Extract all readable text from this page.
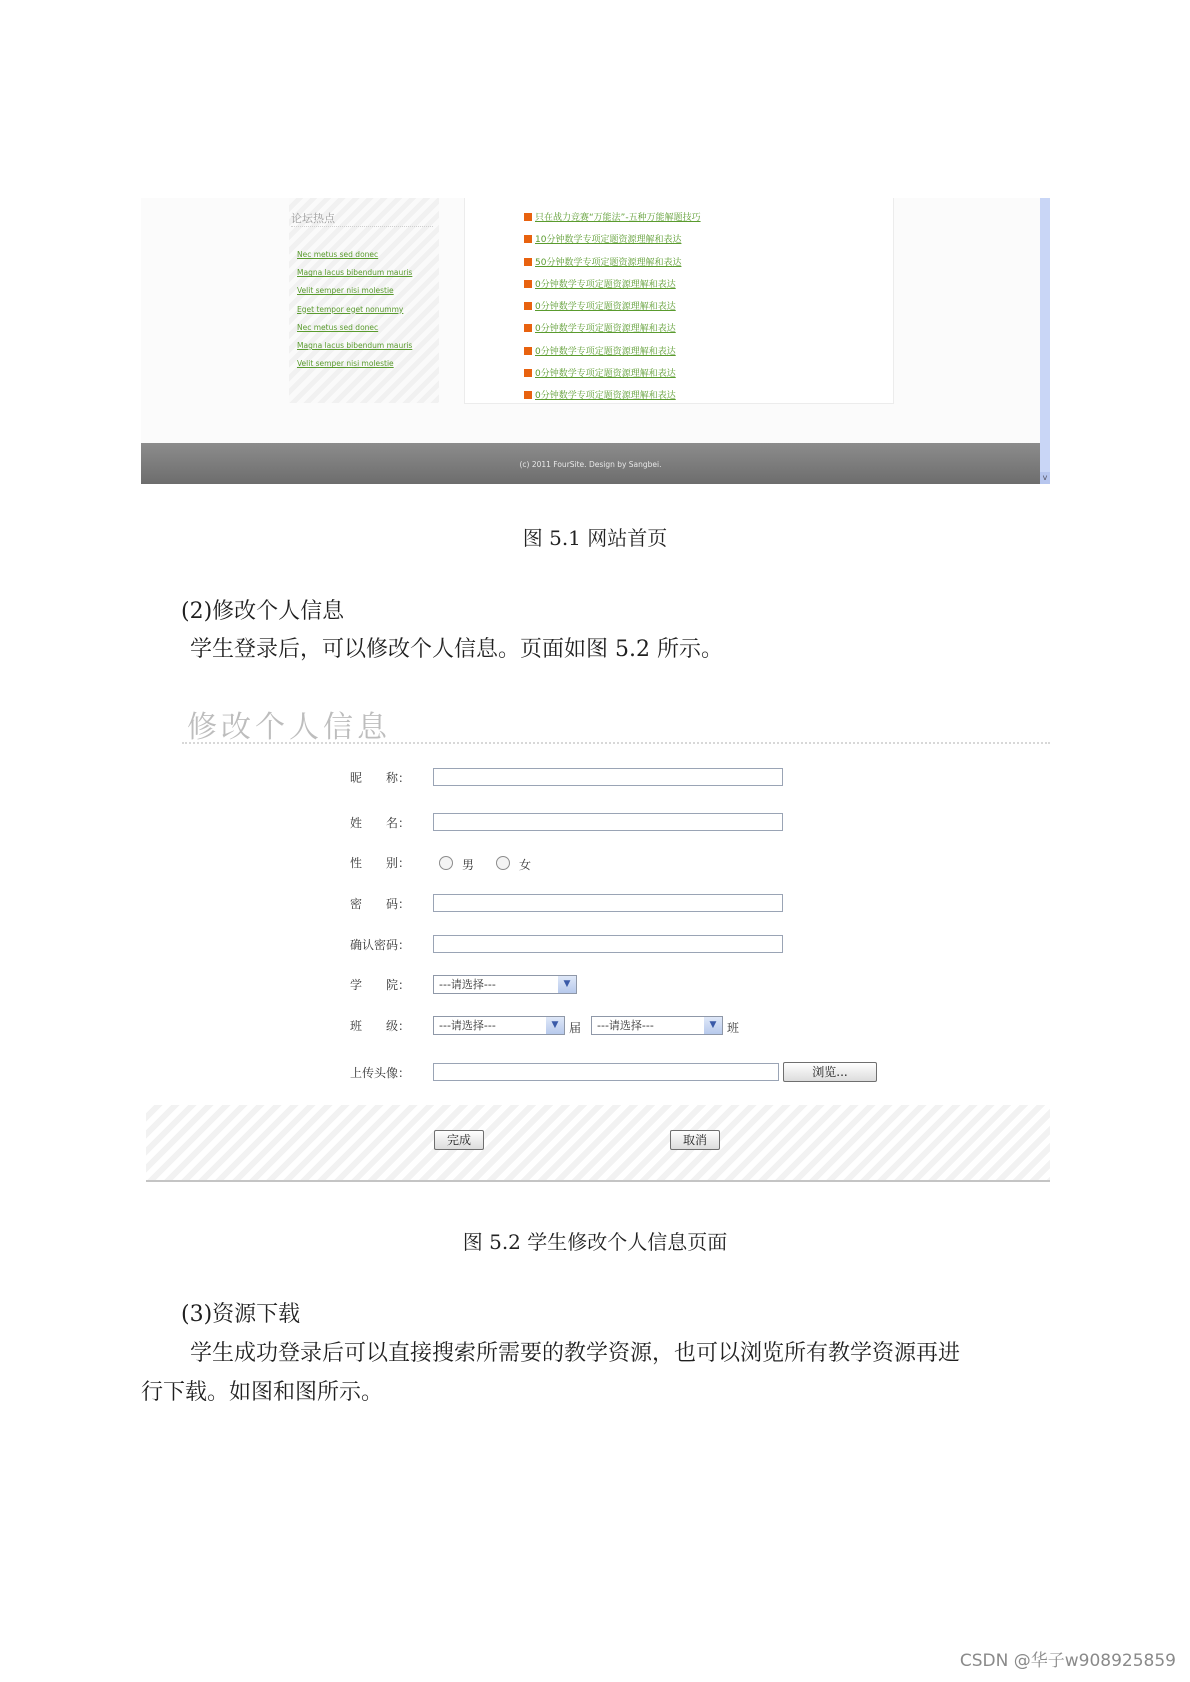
论坛热点
Nec metus sed donec
Magna lacus bibendum mauris
Velit semper nisi molestie
Eget tempor eget nonummy
Nec metus sed donec
Magna lacus bibendum mauris
Velit semper nisi molestie
只在战力竞赛“万能法”-五种万能解题技巧
10分钟数学专项定题资源理解和表达
50分钟数学专项定题资源理解和表达
0分钟数学专项定题资源理解和表达
0分钟数学专项定题资源理解和表达
0分钟数学专项定题资源理解和表达
0分钟数学专项定题资源理解和表达
0分钟数学专项定题资源理解和表达
0分钟数学专项定题资源理解和表达
(c) 2011 FourSite. Design by Sangbei.
v
图 5.1 网站首页
(2)修改个人信息
学生登录后，可以修改个人信息。页面如图 5.2 所示。
修改个人信息
昵　　称：
姓　　名：
性　　别：	男	女
密　　码：
确认密码：
学　　院：	---请选择---	▼
班　　级：	---请选择---	▼ 届	---请选择---	▼ 班
上传头像：	浏览...
完成	取消
图 5.2 学生修改个人信息页面
(3)资源下载
学生成功登录后可以直接搜索所需要的教学资源，也可以浏览所有教学资源再进
行下载。如图和图所示。
CSDN @华子w908925859
